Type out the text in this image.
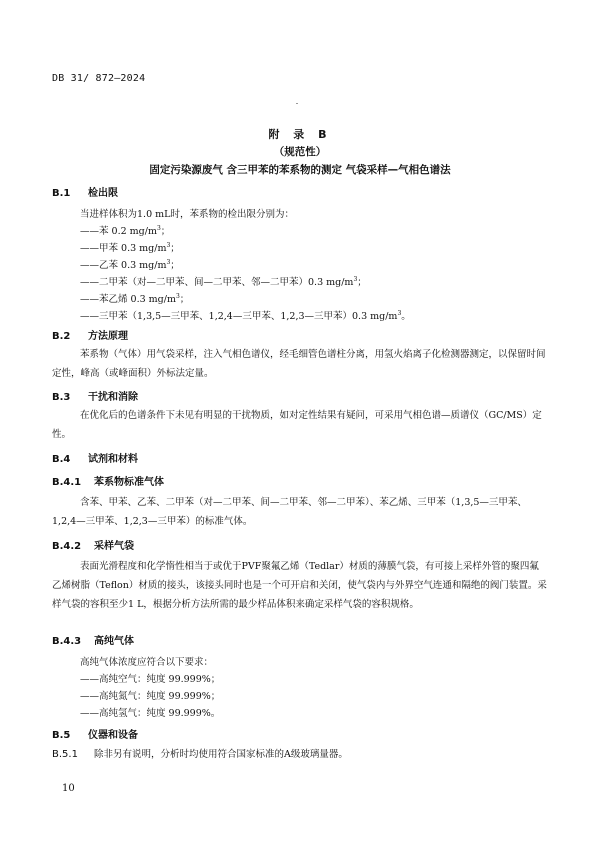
DB 31/ 872—2024
附 录 B
（规范性）
固定污染源废气 含三甲苯的苯系物的测定 气袋采样—气相色谱法
B.1 检出限
当进样体积为1.0 mL时，苯系物的检出限分别为：
——苯 0.2 $mg/m^3$；
——甲苯 0.3 $mg/m^3$；
——乙苯 0.3 $mg/m^3$；
——二甲苯（对—二甲苯、间—二甲苯、邻—二甲苯）0.3 $mg/m^3$；
——苯乙烯 0.3 $mg/m^3$；
——三甲苯（1,3,5—三甲苯、1,2,4—三甲苯、1,2,3—三甲苯）0.3 $mg/m^3$。
B.2 方法原理
苯系物（气体）用气袋采样，注入气相色谱仪，经毛细管色谱柱分离，用氢火焰离子化检测器测定，以保留时间定性，峰高（或峰面积）外标法定量。
B.3 干扰和消除
在优化后的色谱条件下未见有明显的干扰物质，如对定性结果有疑问，可采用气相色谱—质谱仪（GC/MS）定性。
B.4 试剂和材料
B.4.1 苯系物标准气体
含苯、甲苯、乙苯、二甲苯（对—二甲苯、间—二甲苯、邻—二甲苯）、苯乙烯、三甲苯（1,3,5—三甲苯、1,2,4—三甲苯、1,2,3—三甲苯）的标准气体。
B.4.2 采样气袋
表面光滑程度和化学惰性相当于或优于PVF聚氟乙烯（Tedlar）材质的薄膜气袋，有可接上采样外管的聚四氟乙烯树脂（Teflon）材质的接头，该接头同时也是一个可开启和关闭，使气袋内与外界空气连通和隔绝的阀门装置。采样气袋的容积至少1 L，根据分析方法所需的最少样品体积来确定采样气袋的容积规格。
B.4.3 高纯气体
高纯气体浓度应符合以下要求：
——高纯空气：纯度 99.999%；
——高纯氮气：纯度 99.999%；
——高纯氢气：纯度 99.999%。
B.5 仪器和设备
B.5.1 除非另有说明，分析时均使用符合国家标准的A级玻璃量器。
10
